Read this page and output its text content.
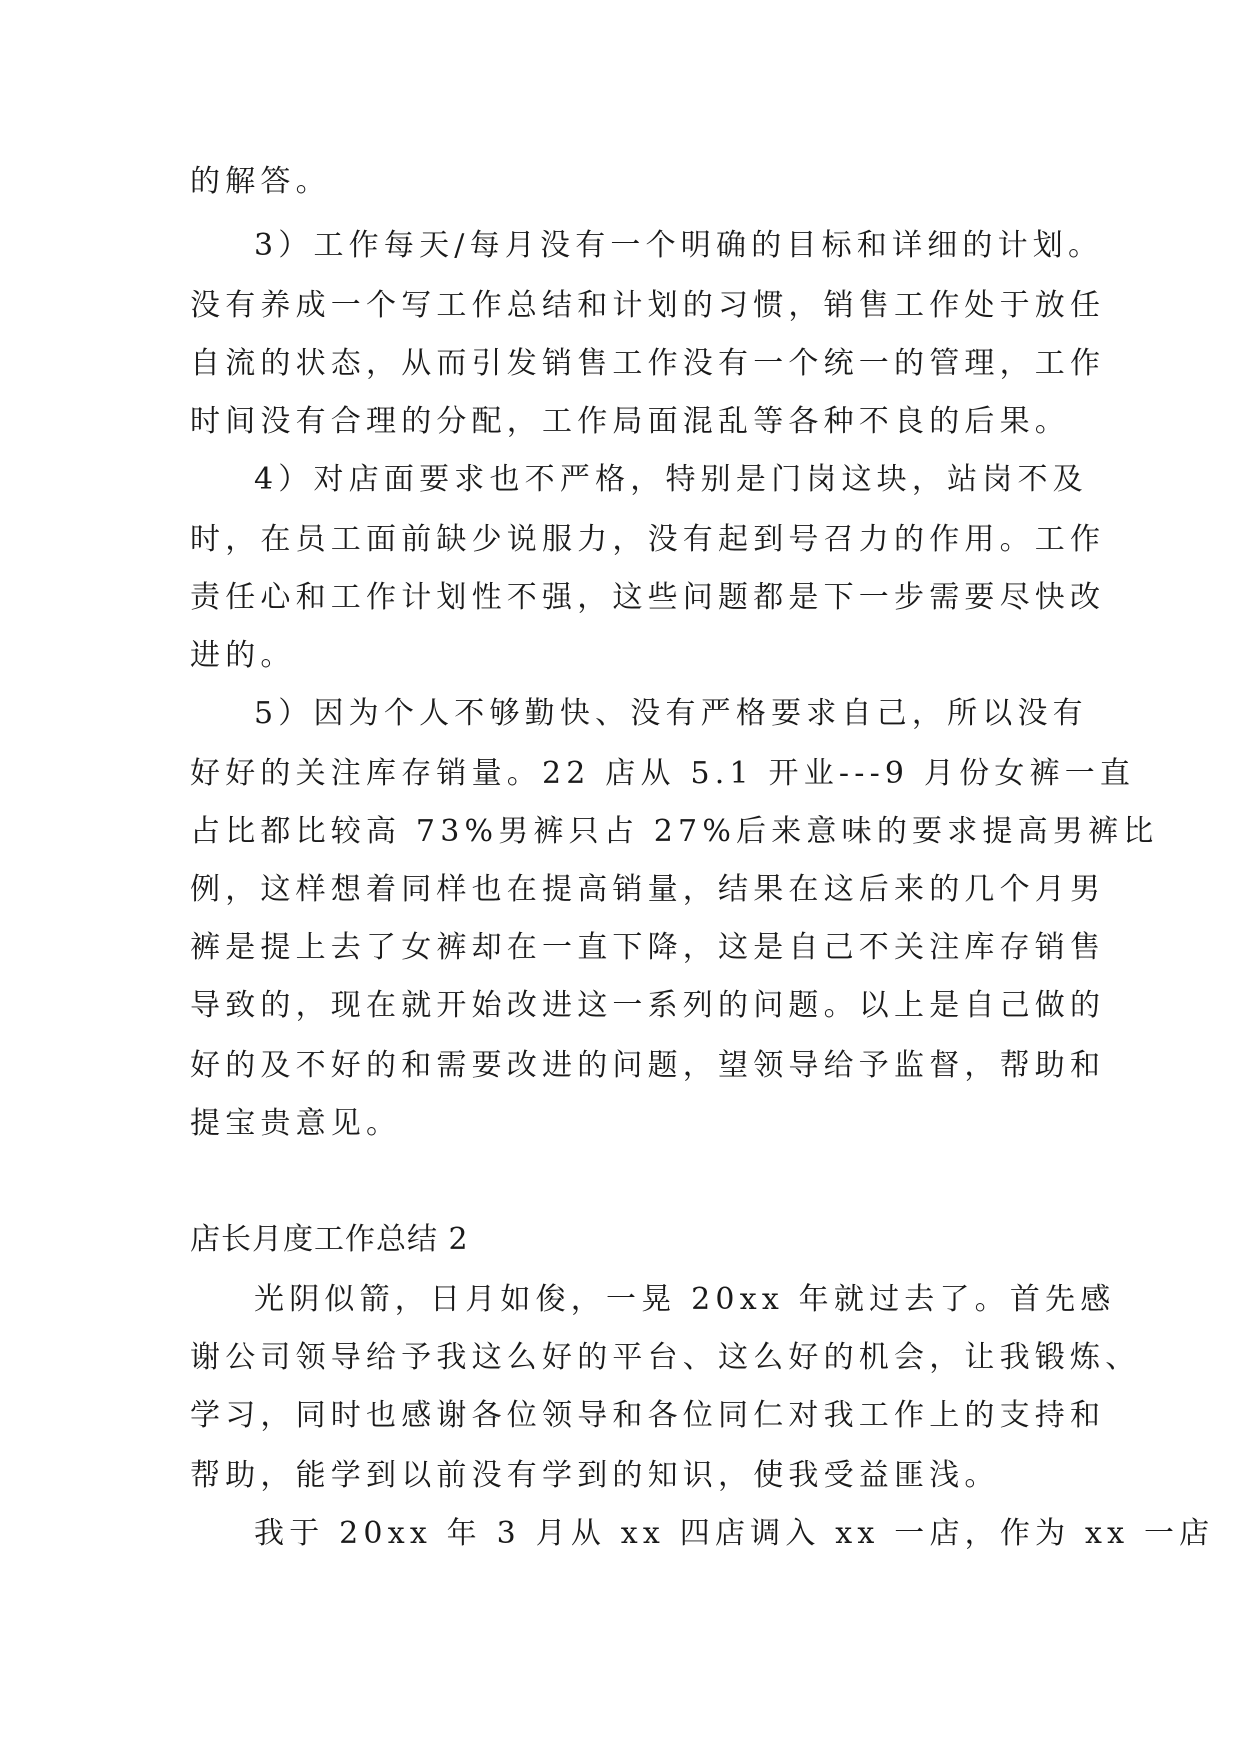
的解答。
3）工作每天/每月没有一个明确的目标和详细的计划。
没有养成一个写工作总结和计划的习惯，销售工作处于放任
自流的状态，从而引发销售工作没有一个统一的管理，工作
时间没有合理的分配，工作局面混乱等各种不良的后果。
4）对店面要求也不严格，特别是门岗这块，站岗不及
时，在员工面前缺少说服力，没有起到号召力的作用。工作
责任心和工作计划性不强，这些问题都是下一步需要尽快改
进的。
5）因为个人不够勤快、没有严格要求自己，所以没有
好好的关注库存销量。22 店从 5.1 开业---9 月份女裤一直
占比都比较高 73%男裤只占 27%后来意味的要求提高男裤比
例，这样想着同样也在提高销量，结果在这后来的几个月男
裤是提上去了女裤却在一直下降，这是自己不关注库存销售
导致的，现在就开始改进这一系列的问题。以上是自己做的
好的及不好的和需要改进的问题，望领导给予监督，帮助和
提宝贵意见。
店长月度工作总结 2
光阴似箭，日月如俊，一晃 20xx 年就过去了。首先感
谢公司领导给予我这么好的平台、这么好的机会，让我锻炼、
学习，同时也感谢各位领导和各位同仁对我工作上的支持和
帮助，能学到以前没有学到的知识，使我受益匪浅。
我于 20xx 年 3 月从 xx 四店调入 xx 一店，作为 xx 一店
